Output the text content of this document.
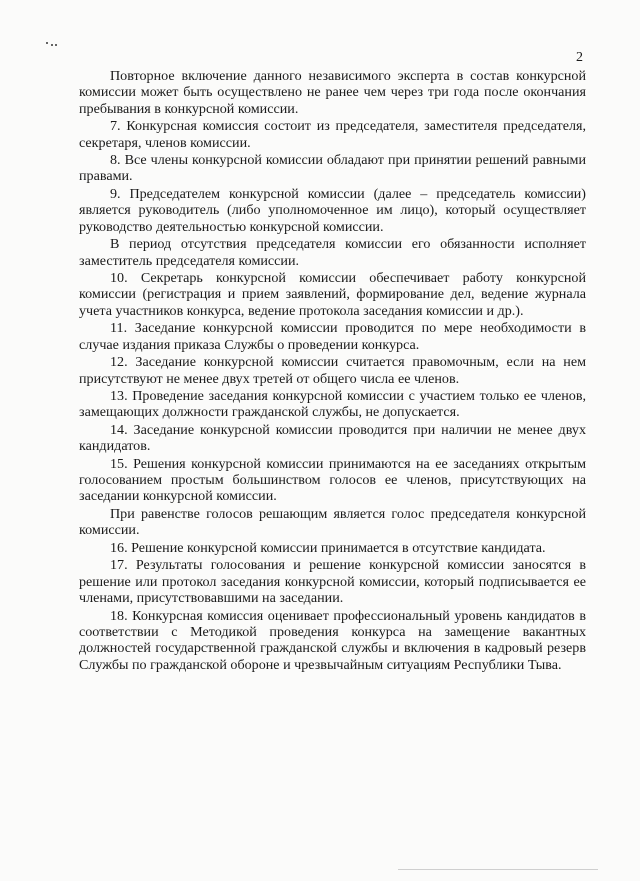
2

Повторное включение данного независимого эксперта в состав конкурсной комиссии может быть осуществлено не ранее чем через три года после окончания пребывания в конкурсной комиссии.

7. Конкурсная комиссия состоит из председателя, заместителя председателя, секретаря, членов комиссии.

8. Все члены конкурсной комиссии обладают при принятии решений равными правами.

9. Председателем конкурсной комиссии (далее – председатель комиссии) является руководитель (либо уполномоченное им лицо), который осуществляет руководство деятельностью конкурсной комиссии.

В период отсутствия председателя комиссии его обязанности исполняет заместитель председателя комиссии.

10. Секретарь конкурсной комиссии обеспечивает работу конкурсной комиссии (регистрация и прием заявлений, формирование дел, ведение журнала учета участников конкурса, ведение протокола заседания комиссии и др.).

11. Заседание конкурсной комиссии проводится по мере необходимости в случае издания приказа Службы о проведении конкурса.

12. Заседание конкурсной комиссии считается правомочным, если на нем присутствуют не менее двух третей от общего числа ее членов.

13. Проведение заседания конкурсной комиссии с участием только ее членов, замещающих должности гражданской службы, не допускается.

14. Заседание конкурсной комиссии проводится при наличии не менее двух кандидатов.

15. Решения конкурсной комиссии принимаются на ее заседаниях открытым голосованием простым большинством голосов ее членов, присутствующих на заседании конкурсной комиссии.

При равенстве голосов решающим является голос председателя конкурсной комиссии.

16. Решение конкурсной комиссии принимается в отсутствие кандидата.

17. Результаты голосования и решение конкурсной комиссии заносятся в решение или протокол заседания конкурсной комиссии, который подписывается ее членами, присутствовавшими на заседании.

18. Конкурсная комиссия оценивает профессиональный уровень кандидатов в соответствии с Методикой проведения конкурса на замещение вакантных должностей государственной гражданской службы и включения в кадровый резерв Службы по гражданской обороне и чрезвычайным ситуациям Республики Тыва.
